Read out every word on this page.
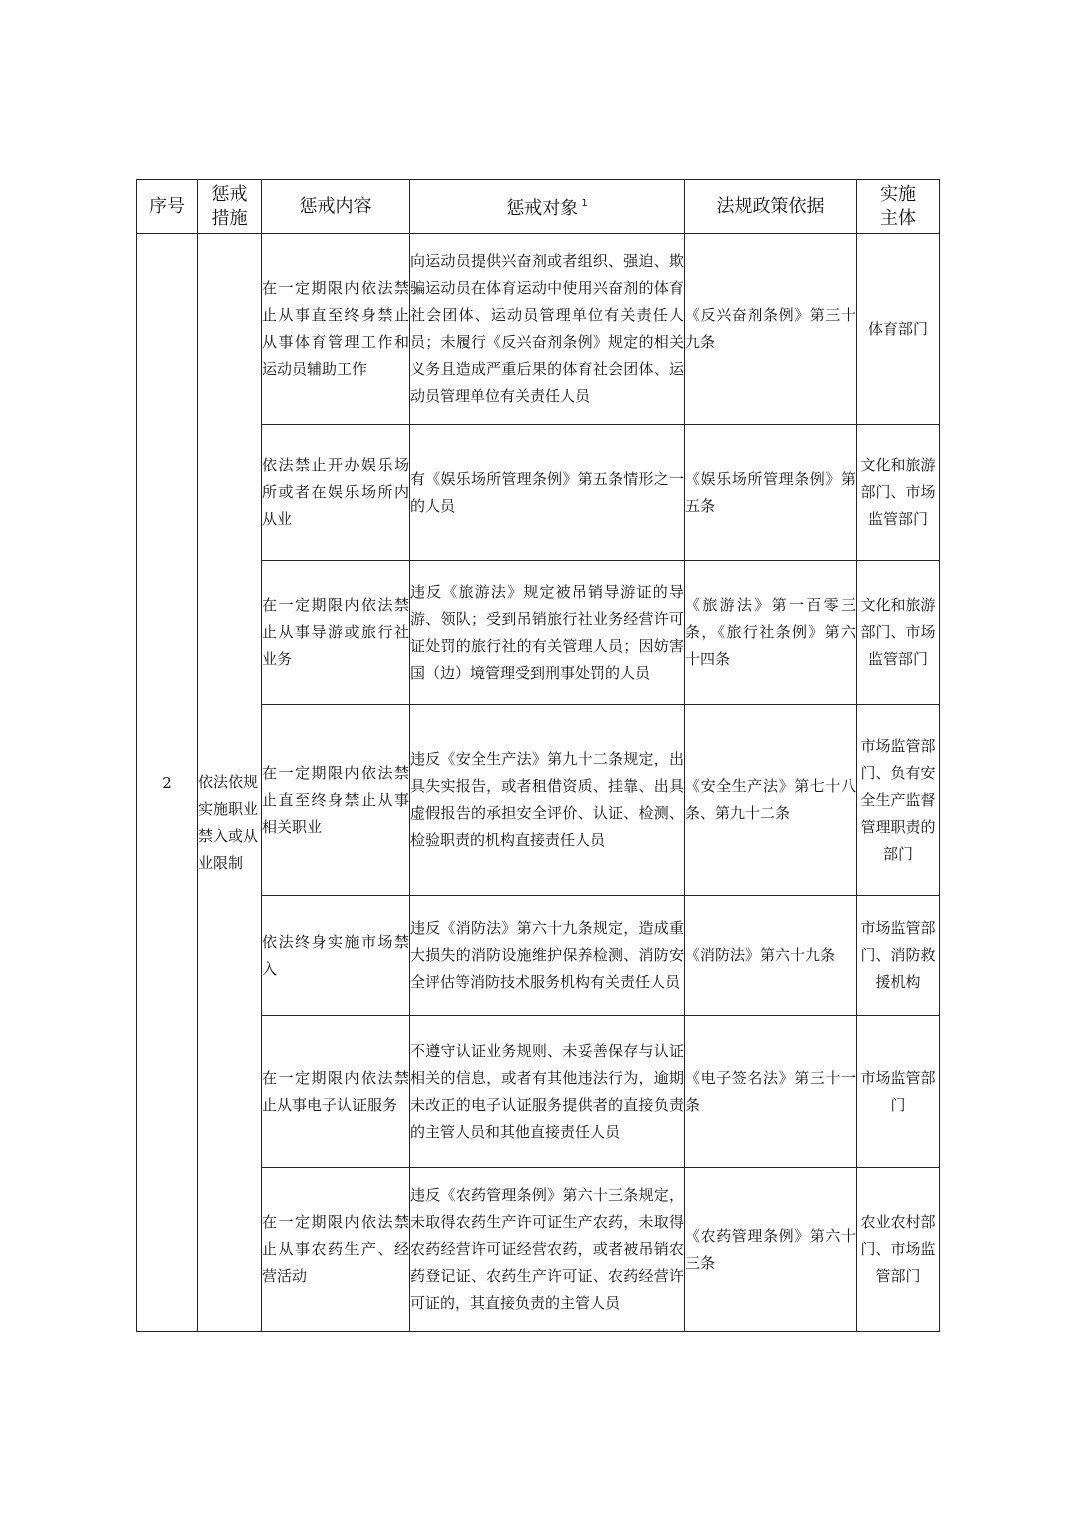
序号	惩戒措施	惩戒内容	惩戒对象 $^1$	法规政策依据	实施主体
2	依法依规实施职业禁入或从业限制	在一定期限内依法禁止从事直至终身禁止从事体育管理工作和运动员辅助工作	向运动员提供兴奋剂或者组织、强迫、欺骗运动员在体育运动中使用兴奋剂的体育社会团体、运动员管理单位有关责任人员；未履行《反兴奋剂条例》规定的相关义务且造成严重后果的体育社会团体、运动员管理单位有关责任人员	《反兴奋剂条例》第三十九条	体育部门

		依法禁止开办娱乐场所或者在娱乐场所内从业	有《娱乐场所管理条例》第五条情形之一的人员	《娱乐场所管理条例》第五条	文化和旅游部门、市场监管部门

		在一定期限内依法禁止从事导游或旅行社业务	违反《旅游法》规定被吊销导游证的导游、领队；受到吊销旅行社业务经营许可证处罚的旅行社的有关管理人员；因妨害国（边）境管理受到刑事处罚的人员	《旅游法》第一百零三条，《旅行社条例》第六十四条	文化和旅游部门、市场监管部门

		在一定期限内依法禁止直至终身禁止从事相关职业	违反《安全生产法》第九十二条规定，出具失实报告，或者租借资质、挂靠、出具虚假报告的承担安全评价、认证、检测、检验职责的机构直接责任人员	《安全生产法》第七十八条、第九十二条	市场监管部门、负有安全生产监督管理职责的部门

		依法终身实施市场禁入	违反《消防法》第六十九条规定，造成重大损失的消防设施维护保养检测、消防安全评估等消防技术服务机构有关责任人员	《消防法》第六十九条	市场监管部门、消防救援机构

		在一定期限内依法禁止从事电子认证服务	不遵守认证业务规则、未妥善保存与认证相关的信息，或者有其他违法行为，逾期未改正的电子认证服务提供者的直接负责的主管人员和其他直接责任人员	《电子签名法》第三十一条	市场监管部门

		在一定期限内依法禁止从事农药生产、经营活动	违反《农药管理条例》第六十三条规定，未取得农药生产许可证生产农药，未取得农药经营许可证经营农药，或者被吊销农药登记证、农药生产许可证、农药经营许可证的，其直接负责的主管人员	《农药管理条例》第六十三条	农业农村部门、市场监管部门
